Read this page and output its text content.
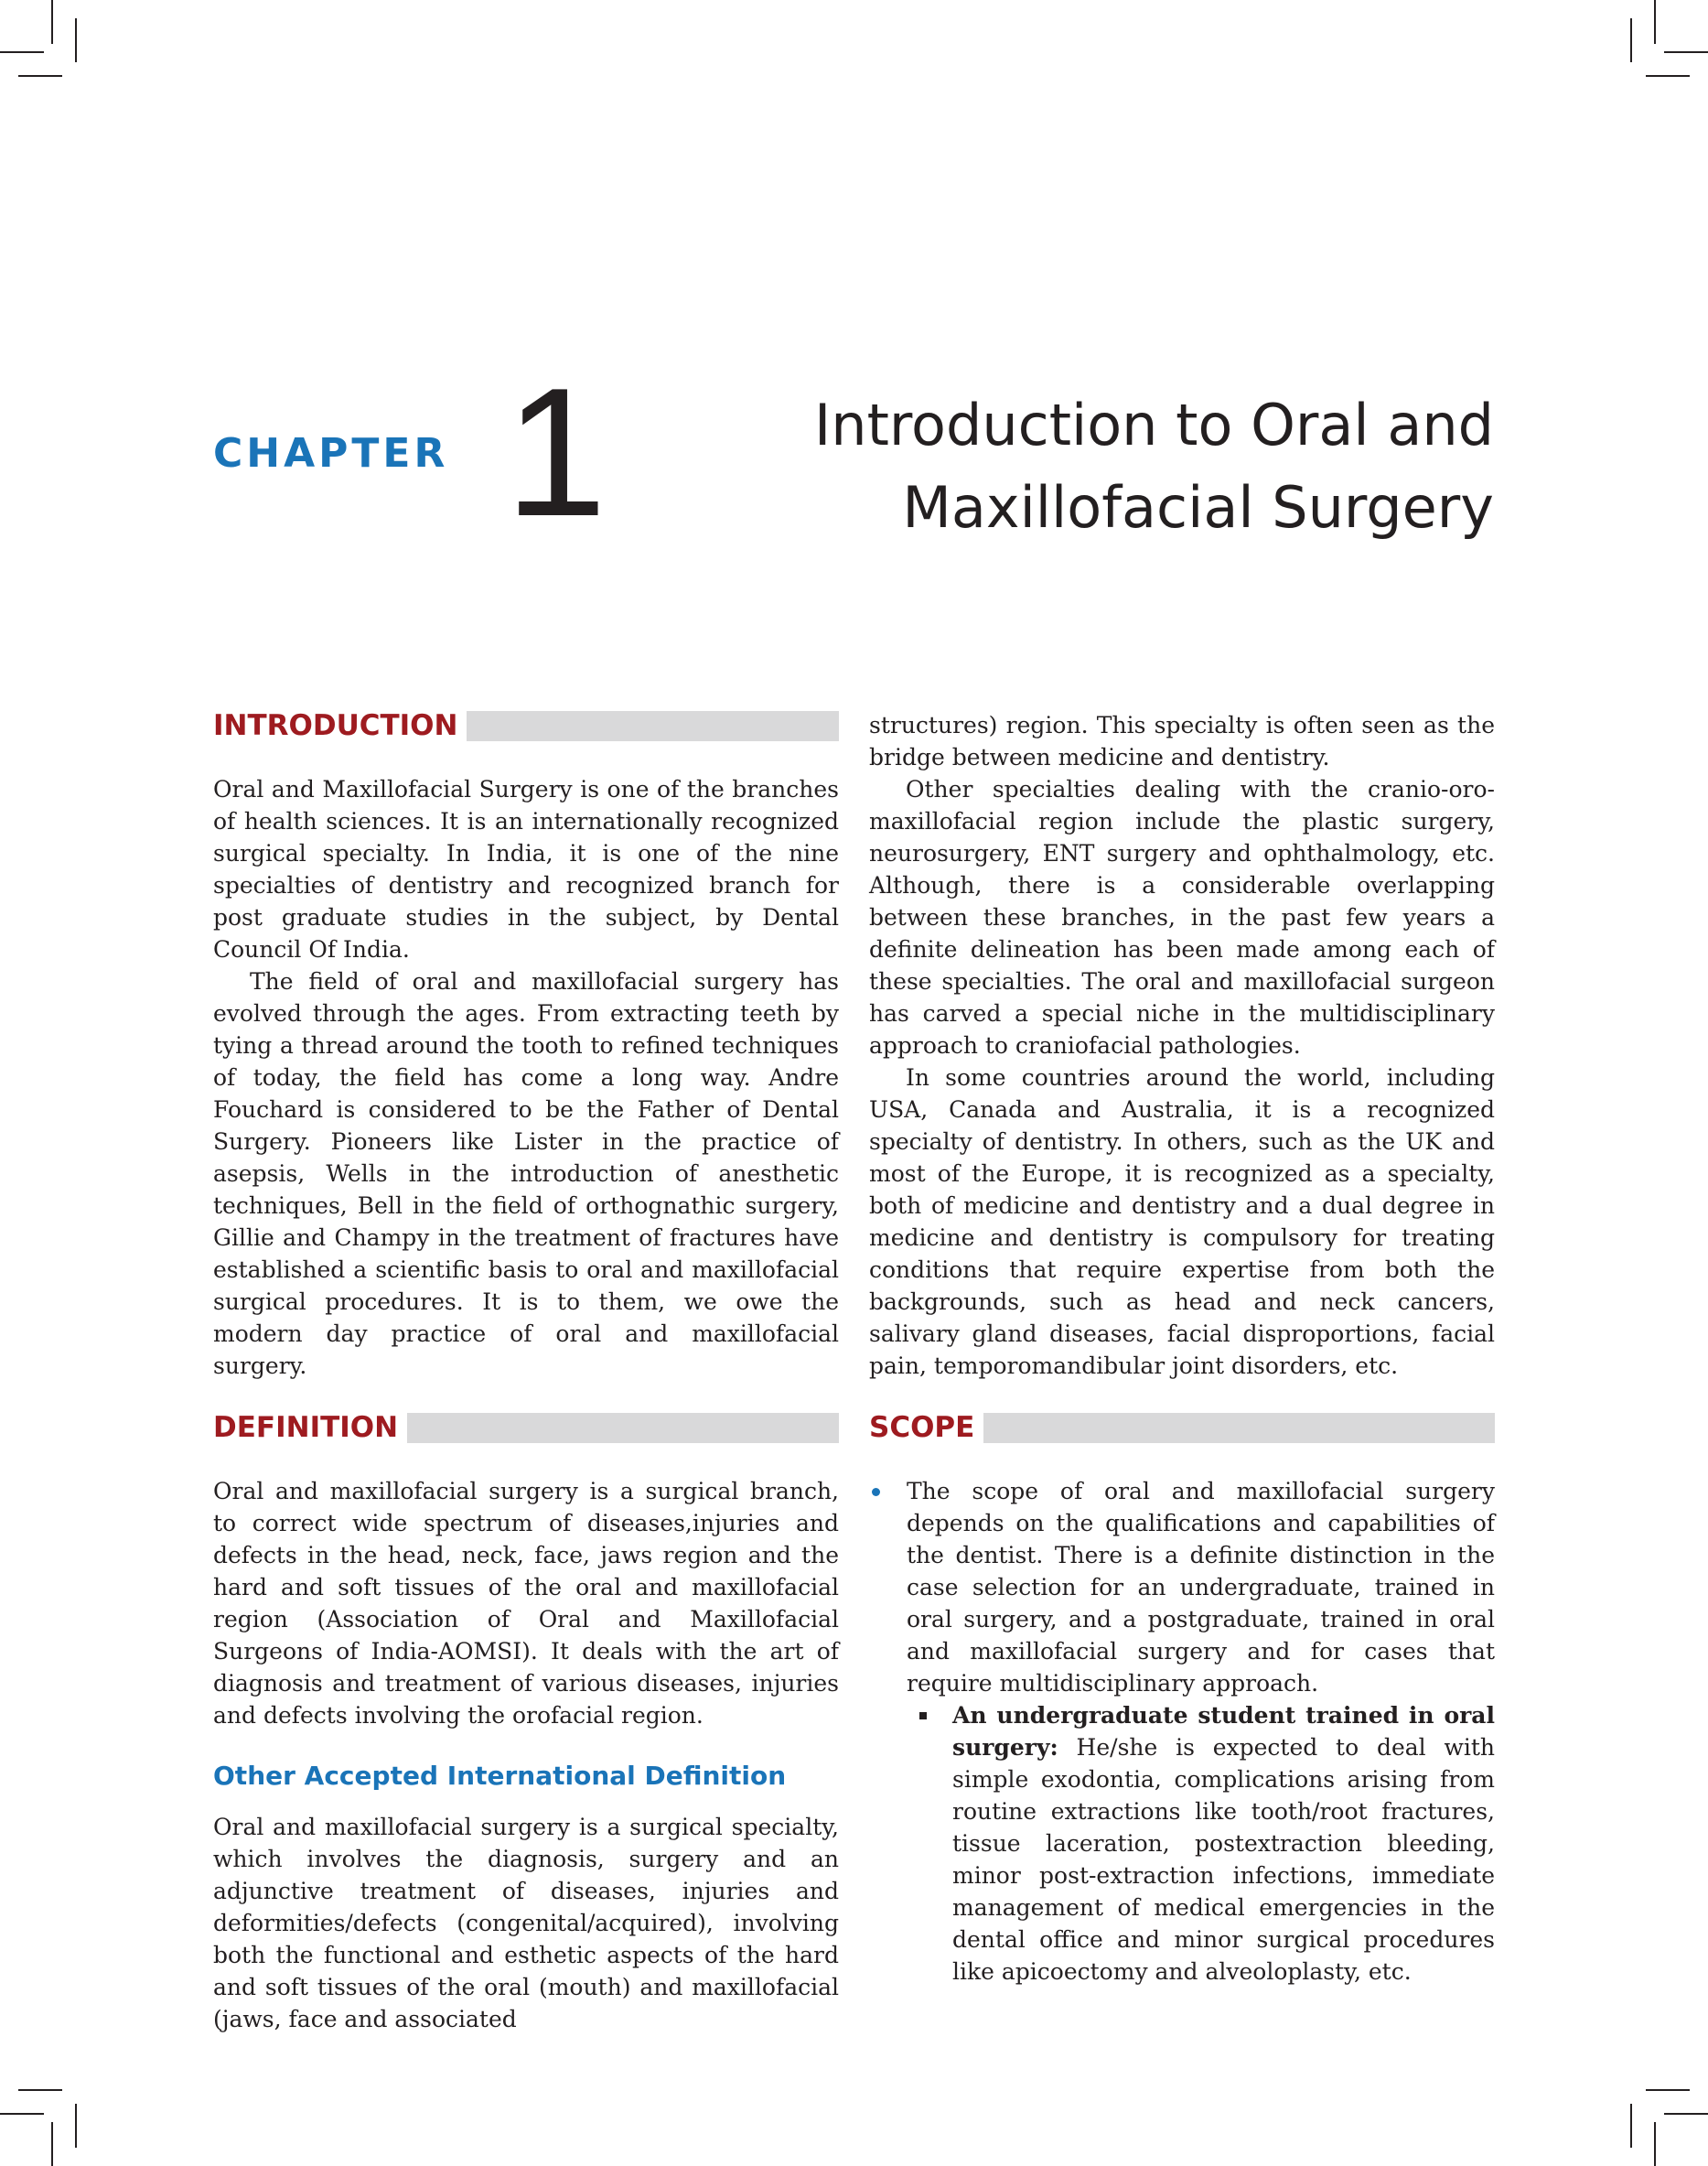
CHAPTER 1	Introduction to Oral and
Maxillofacial Surgery
INTRODUCTION

Oral and Maxillofacial Surgery is one of the branches of health sciences. It is an internationally recognized surgical specialty. In India, it is one of the nine specialties of dentistry and recognized branch for post graduate studies in the subject, by Dental Council Of India.

The field of oral and maxillofacial surgery has evolved through the ages. From extracting teeth by tying a thread around the tooth to refined techniques of today, the field has come a long way. Andre Fouchard is considered to be the Father of Dental Surgery. Pioneers like Lister in the practice of asepsis, Wells in the introduction of anesthetic techniques, Bell in the field of orthognathic surgery, Gillie and Champy in the treatment of fractures have established a scientific basis to oral and maxillofacial surgical procedures. It is to them, we owe the modern day practice of oral and maxillofacial surgery.

DEFINITION

Oral and maxillofacial surgery is a surgical branch, to correct wide spectrum of diseases,injuries and defects in the head, neck, face, jaws region and the hard and soft tissues of the oral and maxillofacial region (Association of Oral and Maxillofacial Surgeons of India-AOMSI). It deals with the art of diagnosis and treatment of various diseases, injuries and defects involving the orofacial region.

Other Accepted International Definition

Oral and maxillofacial surgery is a surgical specialty, which involves the diagnosis, surgery and an adjunctive treatment of diseases, injuries and deformities/defects (congenital/acquired), involving both the functional and esthetic aspects of the hard and soft tissues of the oral (mouth) and maxillofacial (jaws, face and associated

structures) region. This specialty is often seen as the bridge between medicine and dentistry.

Other specialties dealing with the cranio-oro-maxillofacial region include the plastic surgery, neurosurgery, ENT surgery and ophthalmology, etc. Although, there is a considerable overlapping between these branches, in the past few years a definite delineation has been made among each of these specialties. The oral and maxillofacial surgeon has carved a special niche in the multidisciplinary approach to craniofacial pathologies.

In some countries around the world, including USA, Canada and Australia, it is a recognized specialty of dentistry. In others, such as the UK and most of the Europe, it is recognized as a specialty, both of medicine and dentistry and a dual degree in medicine and dentistry is compulsory for treating conditions that require expertise from both the backgrounds, such as head and neck cancers, salivary gland diseases, facial disproportions, facial pain, temporomandibular joint disorders, etc.

SCOPE

The scope of oral and maxillofacial surgery depends on the qualifications and capabilities of the dentist. There is a definite distinction in the case selection for an undergraduate, trained in oral surgery, and a postgraduate, trained in oral and maxillofacial surgery and for cases that require multidisciplinary approach.

An undergraduate student trained in oral surgery: He/she is expected to deal with simple exodontia, complications arising from routine extractions like tooth/root fractures, tissue laceration, postextraction bleeding, minor post-extraction infections, immediate management of medical emergencies in the dental office and minor surgical procedures like apicoectomy and alveoloplasty, etc.
